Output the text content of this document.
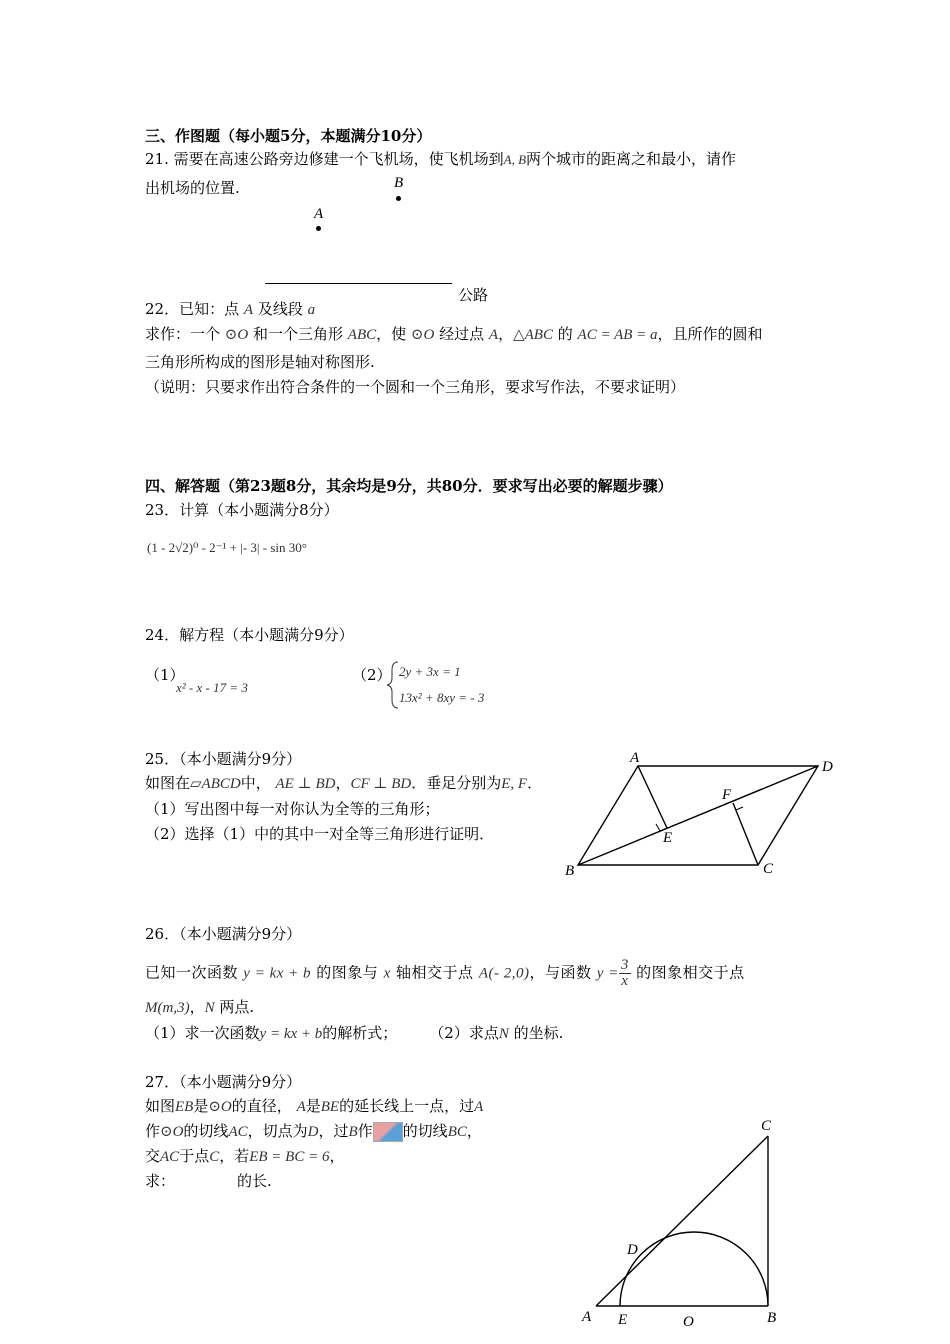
三、作图题（每小题5分，本题满分10分）
21. 需要在高速公路旁边修建一个飞机场，使飞机场到A, B两个城市的距离之和最小，请作
出机场的位置.	B
A
公路
22．已知：点 A 及线段 a
求作：一个 ⊙O 和一个三角形 ABC，使 ⊙O 经过点 A，△ABC 的 AC = AB = a，且所作的圆和
三角形所构成的图形是轴对称图形.
（说明：只要求作出符合条件的一个圆和一个三角形，要求写作法，不要求证明）
四、解答题（第23题8分，其余均是9分，共80分．要求写出必要的解题步骤）
23．计算（本小题满分8分）
(1 - 2√2)⁰ - 2⁻¹ + |- 3| - sin 30°
24．解方程（本小题满分9分）
（1）
x² - x - 17 = 3
（2） 2y + 3x = 1
13x² + 8xy = - 3
25．（本小题满分9分）
如图在▱ABCD中， AE ⊥ BD，CF ⊥ BD．垂足分别为E, F．
（1）写出图中每一对你认为全等的三角形；
（2）选择（1）中的其中一对全等三角形进行证明．
A
D
B	C
E
F
26．（本小题满分9分）
已知一次函数 y = kx + b 的图象与 x 轴相交于点 A(- 2,0)，与函数 $y = \frac{3}{x}$ 的图象相交于点
M(m,3)，N 两点.
（1）求一次函数y = kx + b的解析式； （2）求点N 的坐标.
27．（本小题满分9分）
如图EB是⊙O的直径， A是BE的延长线上一点，过A
作⊙O的切线AC，切点为D，过B作 的切线BC，
交AC于点C，若EB = BC = 6，
求：	的长.
C
D
A E	O	B
